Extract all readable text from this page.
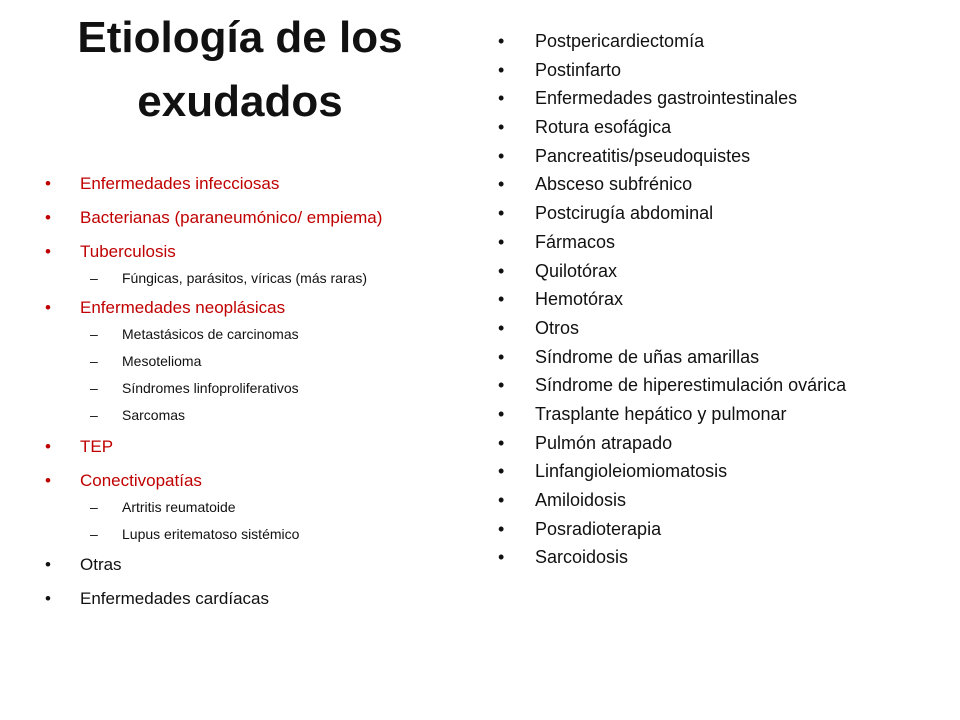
Etiología de los
exudados
• Enfermedades infecciosas
• Bacterianas (paraneumónico/ empiema)
• Tuberculosis
– Fúngicas, parásitos, víricas (más raras)
• Enfermedades neoplásicas
– Metastásicos de carcinomas
– Mesotelioma
– Síndromes linfoproliferativos
– Sarcomas
• TEP
• Conectivopatías
– Artritis reumatoide
– Lupus eritematoso sistémico
• Otras
• Enfermedades cardíacas
• Postpericardiectomía
• Postinfarto
• Enfermedades gastrointestinales
• Rotura esofágica
• Pancreatitis/pseudoquistes
• Absceso subfrénico
• Postcirugía abdominal
• Fármacos
• Quilotórax
• Hemotórax
• Otros
• Síndrome de uñas amarillas
• Síndrome de hiperestimulación ovárica
• Trasplante hepático y pulmonar
• Pulmón atrapado
• Linfangioleiomiomatosis
• Amiloidosis
• Posradioterapia
• Sarcoidosis
